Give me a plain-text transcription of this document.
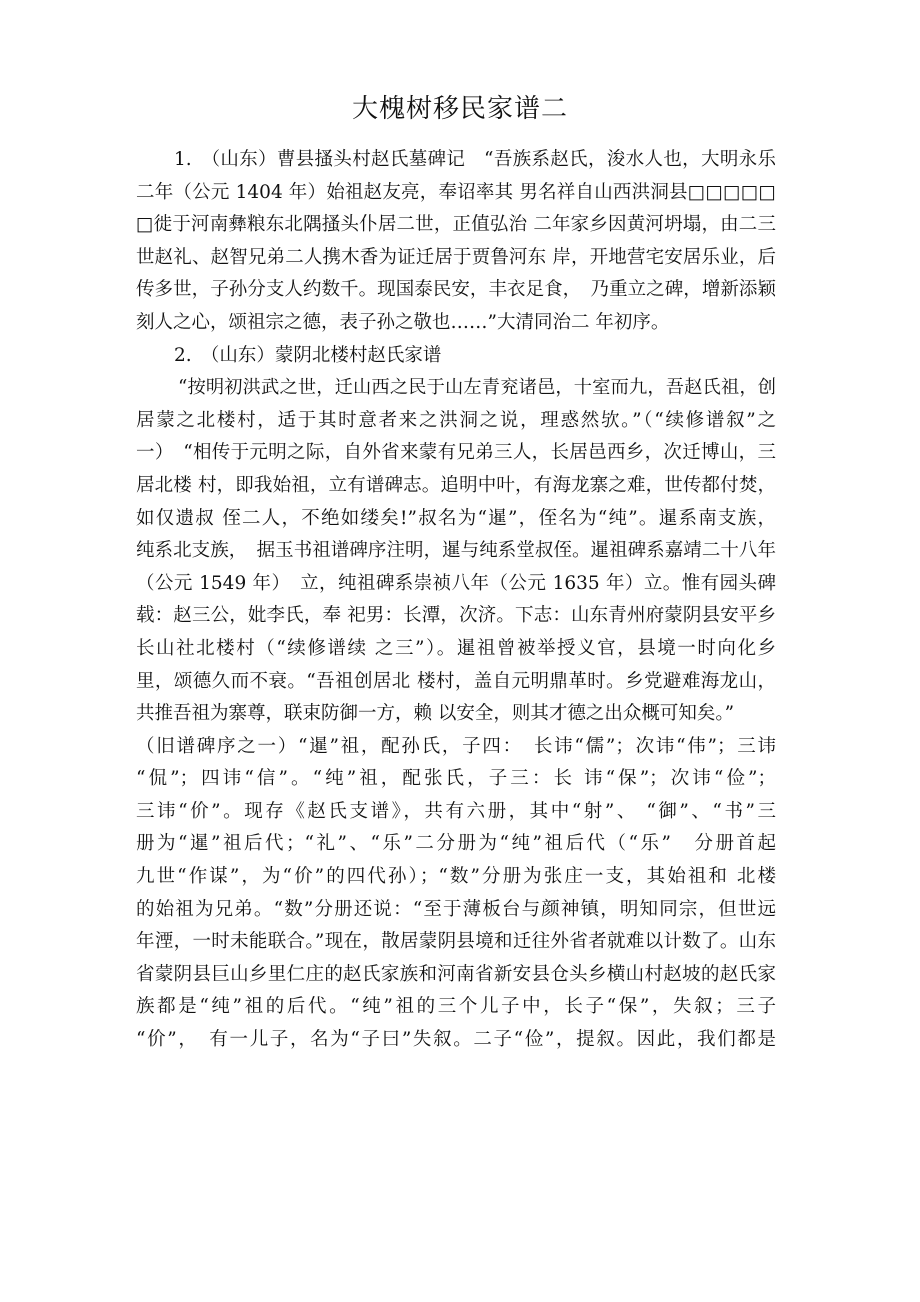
大槐树移民家谱二
1.　（山东）曹县搔头村赵氏墓碑记　“吾族系赵氏，浚水人也，大明永乐
二年（公元 1404 年）始祖赵友亮，奉诏率其 男名祥自山西洪洞县□□□□□
□徙于河南彝粮东北隅搔头仆居二世，正值弘治 二年家乡因黄河坍塌，由二三
世赵礼、赵智兄弟二人携木香为证迁居于贾鲁河东 岸，开地营宅安居乐业，后
传多世，子孙分支人约数千。现国泰民安，丰衣足食，　乃重立之碑，增新添颖
刻人之心，颂祖宗之德，表子孙之敬也……”大清同治二 年初序。
2.　（山东）蒙阴北楼村赵氏家谱
“按明初洪武之世，迁山西之民于山左青兖诸邑，十室而九，吾赵氏祖，创
居蒙之北楼村，适于其时意者来之洪洞之说，理惑然欤。”（“续修谱叙”之
一）　“相传于元明之际，自外省来蒙有兄弟三人，长居邑西乡，次迁博山，三
居北楼 村，即我始祖，立有谱碑志。追明中叶，有海龙寨之难，世传都付焚，
如仅遗叔 侄二人，不绝如缕矣!”叔名为“暹”，侄名为“纯”。暹系南支族，
纯系北支族，　据玉书祖谱碑序注明，暹与纯系堂叔侄。暹祖碑系嘉靖二十八年
（公元 1549 年）　立，纯祖碑系崇祯八年（公元 1635 年）立。惟有园头碑
载：赵三公，妣李氏，奉 祀男：长潭，次济。下志：山东青州府蒙阴县安平乡
长山社北楼村（“续修谱续 之三”）。暹祖曾被举授义官，县境一时向化乡
里，颂德久而不衰。“吾祖创居北 楼村，盖自元明鼎革时。乡党避难海龙山，
共推吾祖为寨尊，联束防御一方，赖 以安全，则其才德之出众概可知矣。”
（旧谱碑序之一）“暹”祖，配孙氏，子四：　长讳“儒”；次讳“伟”；三讳
“侃”；四讳“信”。“纯”祖，配张氏，子三：长 讳“保”；次讳“俭”；
三讳“价”。现存《赵氏支谱》，共有六册，其中“射”、 “御”、“书”三
册为“暹”祖后代；“礼”、“乐”二分册为“纯”祖后代（“乐”　分册首起
九世“作谋”，为“价”的四代孙）；“数”分册为张庄一支，其始祖和 北楼
的始祖为兄弟。“数”分册还说：“至于薄板台与颜神镇，明知同宗，但世远
年湮，一时未能联合。”现在，散居蒙阴县境和迁往外省者就难以计数了。山东
省蒙阴县巨山乡里仁庄的赵氏家族和河南省新安县仓头乡横山村赵坡的赵氏家
族都是“纯”祖的后代。“纯”祖的三个儿子中，长子“保”，失叙；三子
“价”，　有一儿子，名为“子曰”失叙。二子“俭”，提叙。因此，我们都是
